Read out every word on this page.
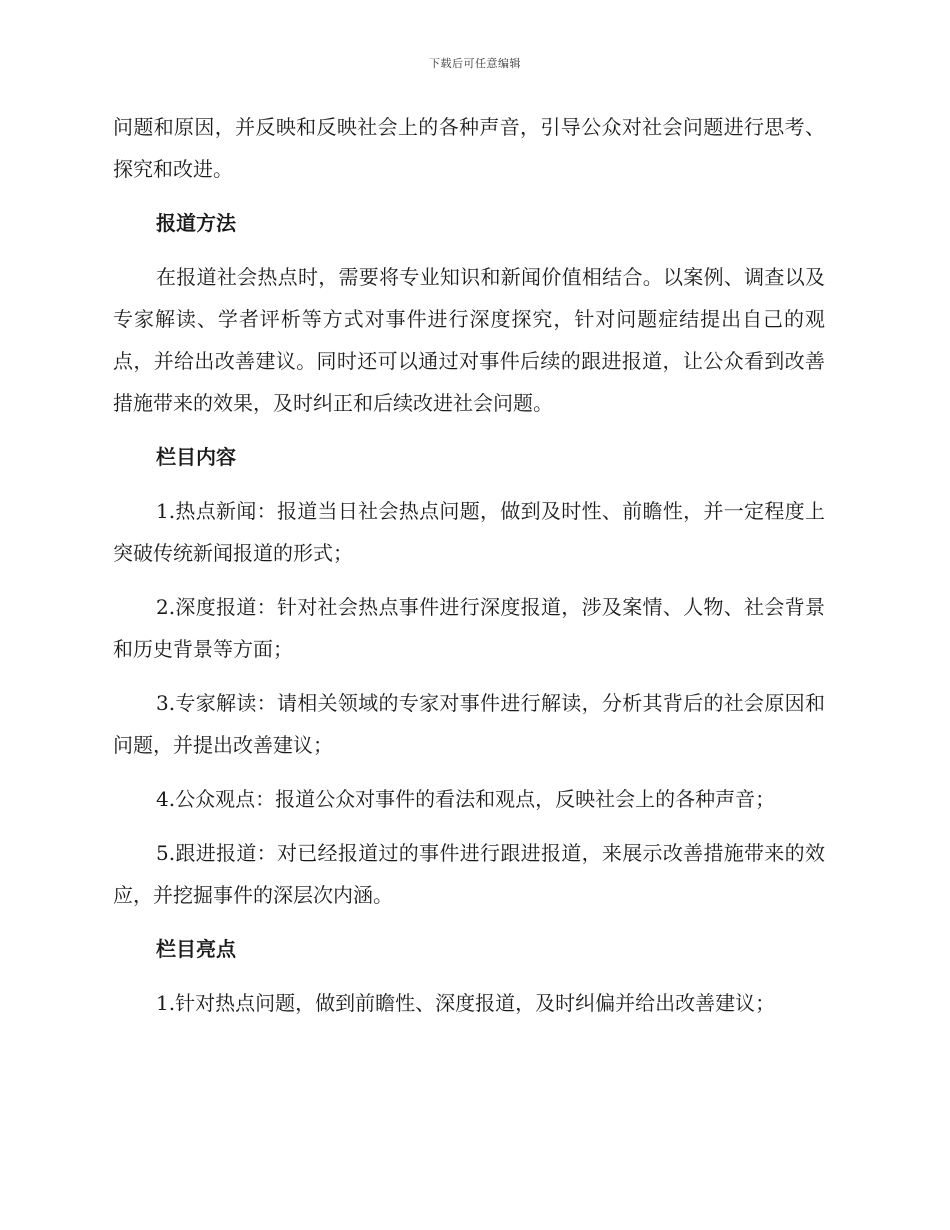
下载后可任意编辑

问题和原因，并反映和反映社会上的各种声音，引导公众对社会问题进行思考、探究和改进。

报道方法

在报道社会热点时，需要将专业知识和新闻价值相结合。以案例、调查以及专家解读、学者评析等方式对事件进行深度探究，针对问题症结提出自己的观点，并给出改善建议。同时还可以通过对事件后续的跟进报道，让公众看到改善措施带来的效果，及时纠正和后续改进社会问题。

栏目内容

1.热点新闻：报道当日社会热点问题，做到及时性、前瞻性，并一定程度上突破传统新闻报道的形式；

2.深度报道：针对社会热点事件进行深度报道，涉及案情、人物、社会背景和历史背景等方面；

3.专家解读：请相关领域的专家对事件进行解读，分析其背后的社会原因和问题，并提出改善建议；

4.公众观点：报道公众对事件的看法和观点，反映社会上的各种声音；

5.跟进报道：对已经报道过的事件进行跟进报道，来展示改善措施带来的效应，并挖掘事件的深层次内涵。

栏目亮点

1.针对热点问题，做到前瞻性、深度报道，及时纠偏并给出改善建议；
